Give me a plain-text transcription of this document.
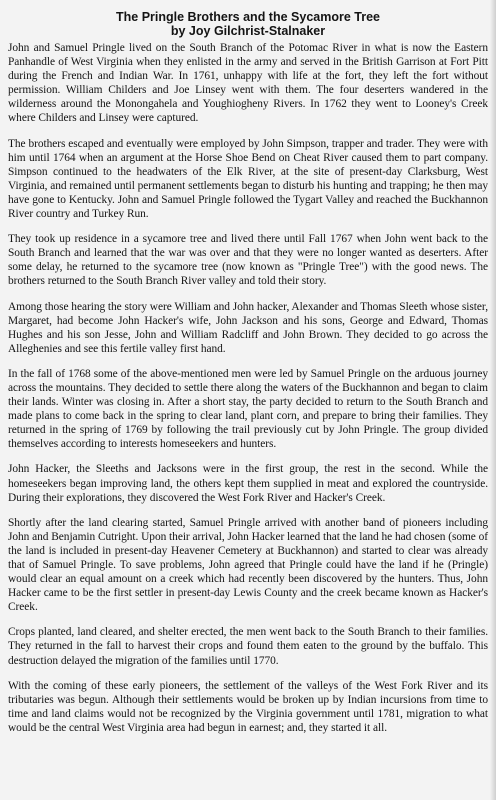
The Pringle Brothers and the Sycamore Tree
by Joy Gilchrist-Stalnaker

John and Samuel Pringle lived on the South Branch of the Potomac River in what is now the Eastern Panhandle of West Virginia when they enlisted in the army and served in the British Garrison at Fort Pitt during the French and Indian War. In 1761, unhappy with life at the fort, they left the fort without permission. William Childers and Joe Linsey went with them. The four deserters wandered in the wilderness around the Monongahela and Youghiogheny Rivers. In 1762 they went to Looney's Creek where Childers and Linsey were captured.

The brothers escaped and eventually were employed by John Simpson, trapper and trader. They were with him until 1764 when an argument at the Horse Shoe Bend on Cheat River caused them to part company. Simpson continued to the headwaters of the Elk River, at the site of present-day Clarksburg, West Virginia, and remained until permanent settlements began to disturb his hunting and trapping; he then may have gone to Kentucky. John and Samuel Pringle followed the Tygart Valley and reached the Buckhannon River country and Turkey Run.

They took up residence in a sycamore tree and lived there until Fall 1767 when John went back to the South Branch and learned that the war was over and that they were no longer wanted as deserters. After some delay, he returned to the sycamore tree (now known as "Pringle Tree") with the good news. The brothers returned to the South Branch River valley and told their story.

Among those hearing the story were William and John hacker, Alexander and Thomas Sleeth whose sister, Margaret, had become John Hacker's wife, John Jackson and his sons, George and Edward, Thomas Hughes and his son Jesse, John and William Radcliff and John Brown. They decided to go across the Alleghenies and see this fertile valley first hand.

In the fall of 1768 some of the above-mentioned men were led by Samuel Pringle on the arduous journey across the mountains. They decided to settle there along the waters of the Buckhannon and began to claim their lands. Winter was closing in. After a short stay, the party decided to return to the South Branch and made plans to come back in the spring to clear land, plant corn, and prepare to bring their families. They returned in the spring of 1769 by following the trail previously cut by John Pringle. The group divided themselves according to interests homeseekers and hunters.

John Hacker, the Sleeths and Jacksons were in the first group, the rest in the second. While the homeseekers began improving land, the others kept them supplied in meat and explored the countryside. During their explorations, they discovered the West Fork River and Hacker's Creek.

Shortly after the land clearing started, Samuel Pringle arrived with another band of pioneers including John and Benjamin Cutright. Upon their arrival, John Hacker learned that the land he had chosen (some of the land is included in present-day Heavener Cemetery at Buckhannon) and started to clear was already that of Samuel Pringle. To save problems, John agreed that Pringle could have the land if he (Pringle) would clear an equal amount on a creek which had recently been discovered by the hunters. Thus, John Hacker came to be the first settler in present-day Lewis County and the creek became known as Hacker's Creek.

Crops planted, land cleared, and shelter erected, the men went back to the South Branch to their families. They returned in the fall to harvest their crops and found them eaten to the ground by the buffalo. This destruction delayed the migration of the families until 1770.

With the coming of these early pioneers, the settlement of the valleys of the West Fork River and its tributaries was begun. Although their settlements would be broken up by Indian incursions from time to time and land claims would not be recognized by the Virginia government until 1781, migration to what would be the central West Virginia area had begun in earnest; and, they started it all.
